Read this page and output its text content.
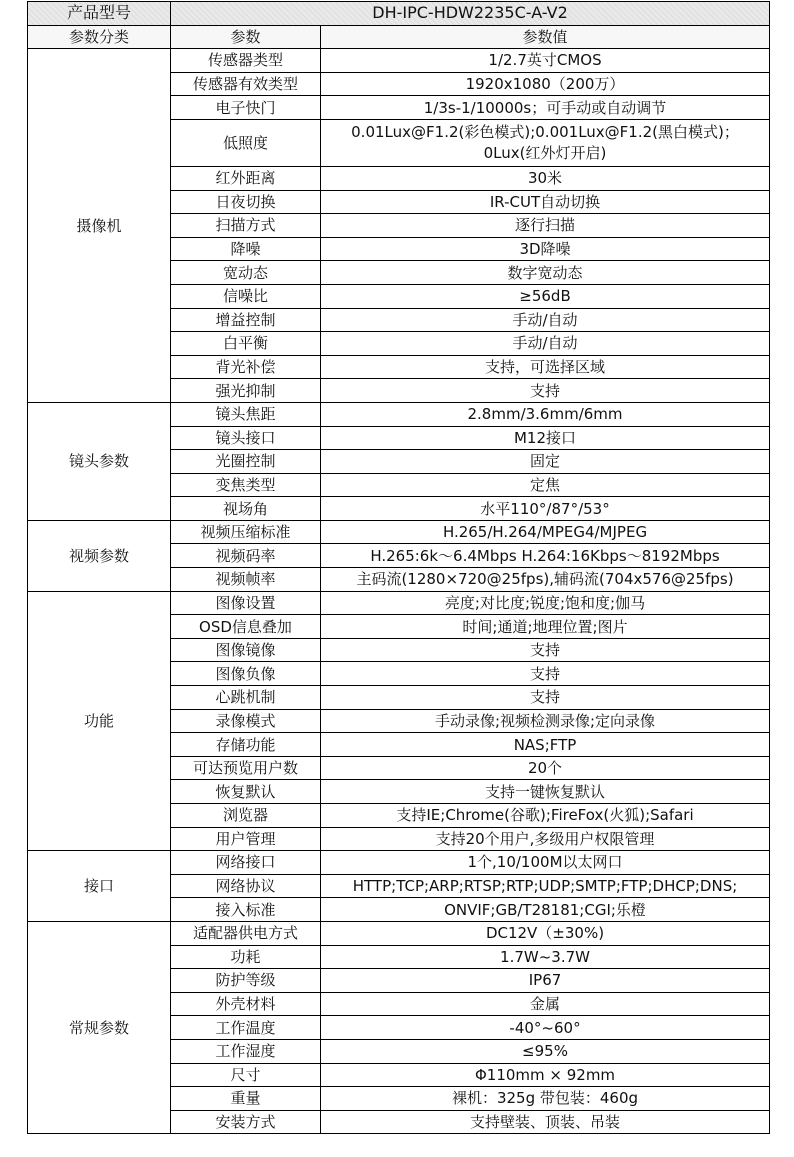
产品型号	DH-IPC-HDW2235C-A-V2	
参数分类	参数	参数值
摄像机	传感器类型	1/2.7英寸CMOS
	传感器有效类型	1920x1080（200万）
	电子快门	1/3s-1/10000s；可手动或自动调节
	低照度	0.01Lux@F1.2(彩色模式);0.001Lux@F1.2(黑白模式)；0Lux(红外灯开启)
	红外距离	30米
	日夜切换	IR-CUT自动切换
	扫描方式	逐行扫描
	降噪	3D降噪
	宽动态	数字宽动态
	信噪比	≥56dB
	增益控制	手动/自动
	白平衡	手动/自动
	背光补偿	支持，可选择区域
	强光抑制	支持
镜头参数	镜头焦距	2.8mm/3.6mm/6mm
	镜头接口	M12接口
	光圈控制	固定
	变焦类型	定焦
	视场角	水平110°/87°/53°
视频参数	视频压缩标准	H.265/H.264/MPEG4/MJPEG
	视频码率	H.265:6k～6.4Mbps H.264:16Kbps～8192Mbps
	视频帧率	主码流(1280×720@25fps),辅码流(704x576@25fps)
功能	图像设置	亮度;对比度;锐度;饱和度;伽马
	OSD信息叠加	时间;通道;地理位置;图片
	图像镜像	支持
	图像负像	支持
	心跳机制	支持
	录像模式	手动录像;视频检测录像;定向录像
	存储功能	NAS;FTP
	可达预览用户数	20个
	恢复默认	支持一键恢复默认
	浏览器	支持IE;Chrome(谷歌);FireFox(火狐);Safari
	用户管理	支持20个用户,多级用户权限管理
接口	网络接口	1个,10/100M以太网口
	网络协议	HTTP;TCP;ARP;RTSP;RTP;UDP;SMTP;FTP;DHCP;DNS;
	接入标准	ONVIF;GB/T28181;CGI;乐橙
常规参数	适配器供电方式	DC12V（±30%)
	功耗	1.7W~3.7W
	防护等级	IP67
	外壳材料	金属
	工作温度	-40°~60°
	工作湿度	≤95%
	尺寸	Φ110mm × 92mm
	重量	裸机：325g 带包装：460g
	安装方式	支持壁装、顶装、吊装
